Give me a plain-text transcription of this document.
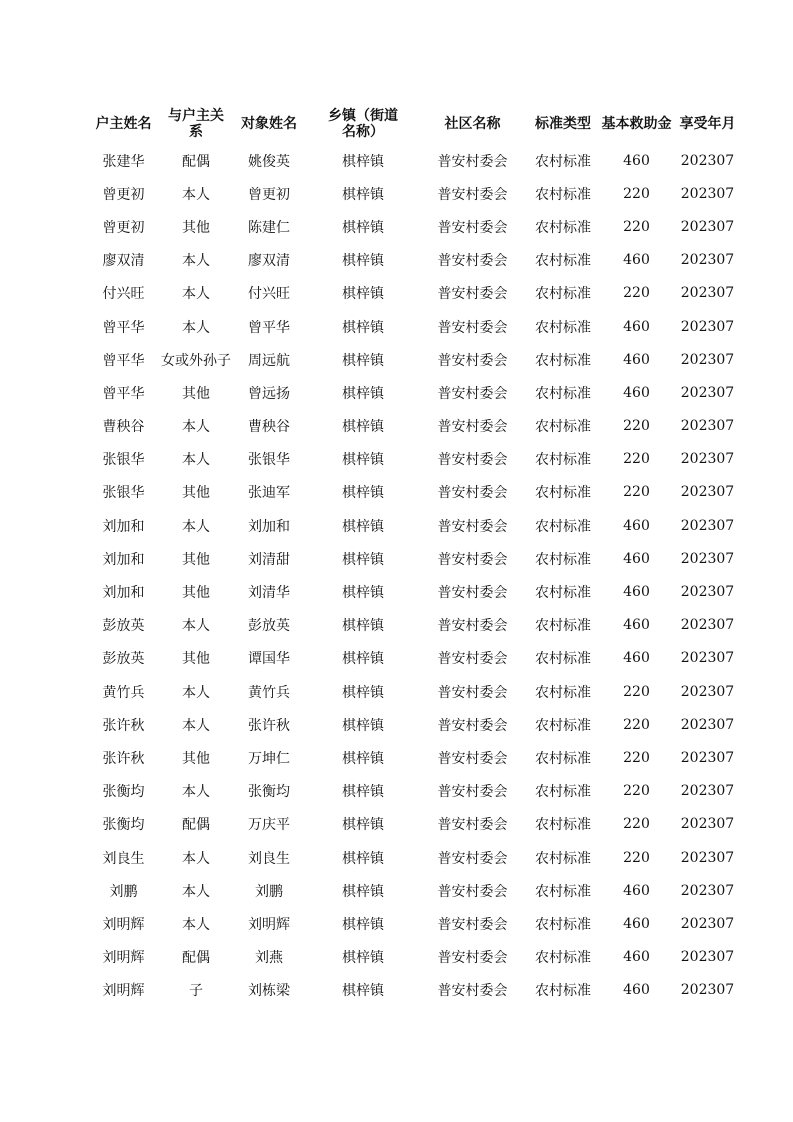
户主姓名	与户主关系	对象姓名	乡镇（街道名称）	社区名称	标准类型	基本救助金	享受年月
张建华	配偶	姚俊英	棋梓镇	普安村委会	农村标准	460	202307
曾更初	本人	曾更初	棋梓镇	普安村委会	农村标准	220	202307
曾更初	其他	陈建仁	棋梓镇	普安村委会	农村标准	220	202307
廖双清	本人	廖双清	棋梓镇	普安村委会	农村标准	460	202307
付兴旺	本人	付兴旺	棋梓镇	普安村委会	农村标准	220	202307
曾平华	本人	曾平华	棋梓镇	普安村委会	农村标准	460	202307
曾平华	女或外孙子	周远航	棋梓镇	普安村委会	农村标准	460	202307
曾平华	其他	曾远扬	棋梓镇	普安村委会	农村标准	460	202307
曹秧谷	本人	曹秧谷	棋梓镇	普安村委会	农村标准	220	202307
张银华	本人	张银华	棋梓镇	普安村委会	农村标准	220	202307
张银华	其他	张迪军	棋梓镇	普安村委会	农村标准	220	202307
刘加和	本人	刘加和	棋梓镇	普安村委会	农村标准	460	202307
刘加和	其他	刘清甜	棋梓镇	普安村委会	农村标准	460	202307
刘加和	其他	刘清华	棋梓镇	普安村委会	农村标准	460	202307
彭放英	本人	彭放英	棋梓镇	普安村委会	农村标准	460	202307
彭放英	其他	谭国华	棋梓镇	普安村委会	农村标准	460	202307
黄竹兵	本人	黄竹兵	棋梓镇	普安村委会	农村标准	220	202307
张许秋	本人	张许秋	棋梓镇	普安村委会	农村标准	220	202307
张许秋	其他	万坤仁	棋梓镇	普安村委会	农村标准	220	202307
张衡均	本人	张衡均	棋梓镇	普安村委会	农村标准	220	202307
张衡均	配偶	万庆平	棋梓镇	普安村委会	农村标准	220	202307
刘良生	本人	刘良生	棋梓镇	普安村委会	农村标准	220	202307
刘鹏	本人	刘鹏	棋梓镇	普安村委会	农村标准	460	202307
刘明辉	本人	刘明辉	棋梓镇	普安村委会	农村标准	460	202307
刘明辉	配偶	刘燕	棋梓镇	普安村委会	农村标准	460	202307
刘明辉	子	刘栋梁	棋梓镇	普安村委会	农村标准	460	202307
